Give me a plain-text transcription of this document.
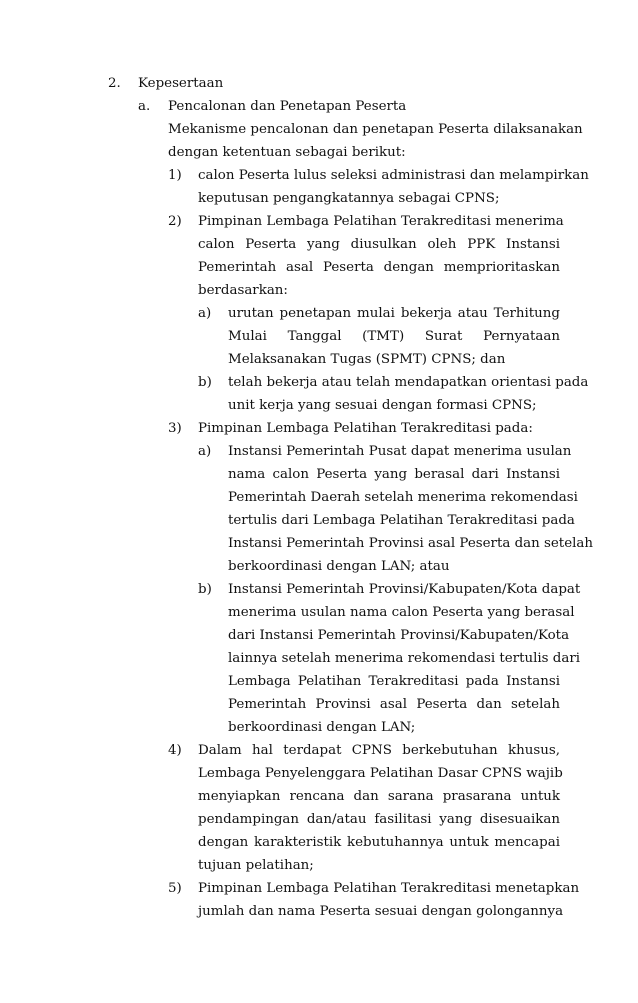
2. Kepesertaan
a. Pencalonan dan Penetapan Peserta
Mekanisme pencalonan dan penetapan Peserta dilaksanakan
dengan ketentuan sebagai berikut:
1) calon Peserta lulus seleksi administrasi dan melampirkan
keputusan pengangkatannya sebagai CPNS;
2) Pimpinan Lembaga Pelatihan Terakreditasi menerima
calon Peserta yang diusulkan oleh PPK Instansi
Pemerintah asal Peserta dengan memprioritaskan
berdasarkan:
a) urutan penetapan mulai bekerja atau Terhitung
Mulai Tanggal (TMT) Surat Pernyataan
Melaksanakan Tugas (SPMT) CPNS; dan
b) telah bekerja atau telah mendapatkan orientasi pada
unit kerja yang sesuai dengan formasi CPNS;
3) Pimpinan Lembaga Pelatihan Terakreditasi pada:
a) Instansi Pemerintah Pusat dapat menerima usulan
nama calon Peserta yang berasal dari Instansi
Pemerintah Daerah setelah menerima rekomendasi
tertulis dari Lembaga Pelatihan Terakreditasi pada
Instansi Pemerintah Provinsi asal Peserta dan setelah
berkoordinasi dengan LAN; atau
b) Instansi Pemerintah Provinsi/Kabupaten/Kota dapat
menerima usulan nama calon Peserta yang berasal
dari Instansi Pemerintah Provinsi/Kabupaten/Kota
lainnya setelah menerima rekomendasi tertulis dari
Lembaga Pelatihan Terakreditasi pada Instansi
Pemerintah Provinsi asal Peserta dan setelah
berkoordinasi dengan LAN;
4) Dalam hal terdapat CPNS berkebutuhan khusus,
Lembaga Penyelenggara Pelatihan Dasar CPNS wajib
menyiapkan rencana dan sarana prasarana untuk
pendampingan dan/atau fasilitasi yang disesuaikan
dengan karakteristik kebutuhannya untuk mencapai
tujuan pelatihan;
5) Pimpinan Lembaga Pelatihan Terakreditasi menetapkan
jumlah dan nama Peserta sesuai dengan golongannya
